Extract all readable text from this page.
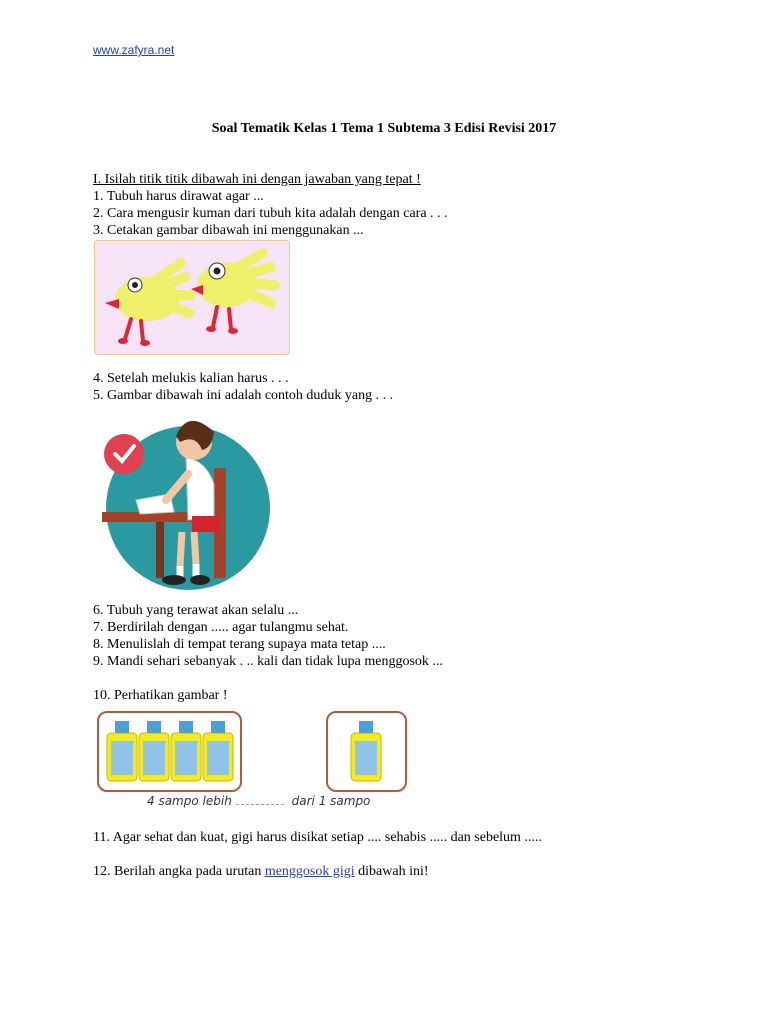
www.zafyra.net
Soal Tematik Kelas 1 Tema 1 Subtema 3 Edisi Revisi 2017
I. Isilah titik titik dibawah ini dengan jawaban yang tepat !
1. Tubuh harus dirawat agar ...
2. Cara mengusir kuman dari tubuh kita adalah dengan cara . . .
3. Cetakan gambar dibawah ini menggunakan ...
4. Setelah melukis kalian harus . . .
5. Gambar dibawah ini adalah contoh duduk yang . . .
6. Tubuh yang terawat akan selalu ...
7. Berdirilah dengan ..... agar tulangmu sehat.
8. Menulislah di tempat terang supaya mata tetap ....
9. Mandi sehari sebanyak . .. kali dan tidak lupa menggosok ...
10. Perhatikan gambar !
4 sampo lebih	dari 1 sampo
11. Agar sehat dan kuat, gigi harus disikat setiap .... sehabis ..... dan sebelum .....
12. Berilah angka pada urutan menggosok gigi dibawah ini!
